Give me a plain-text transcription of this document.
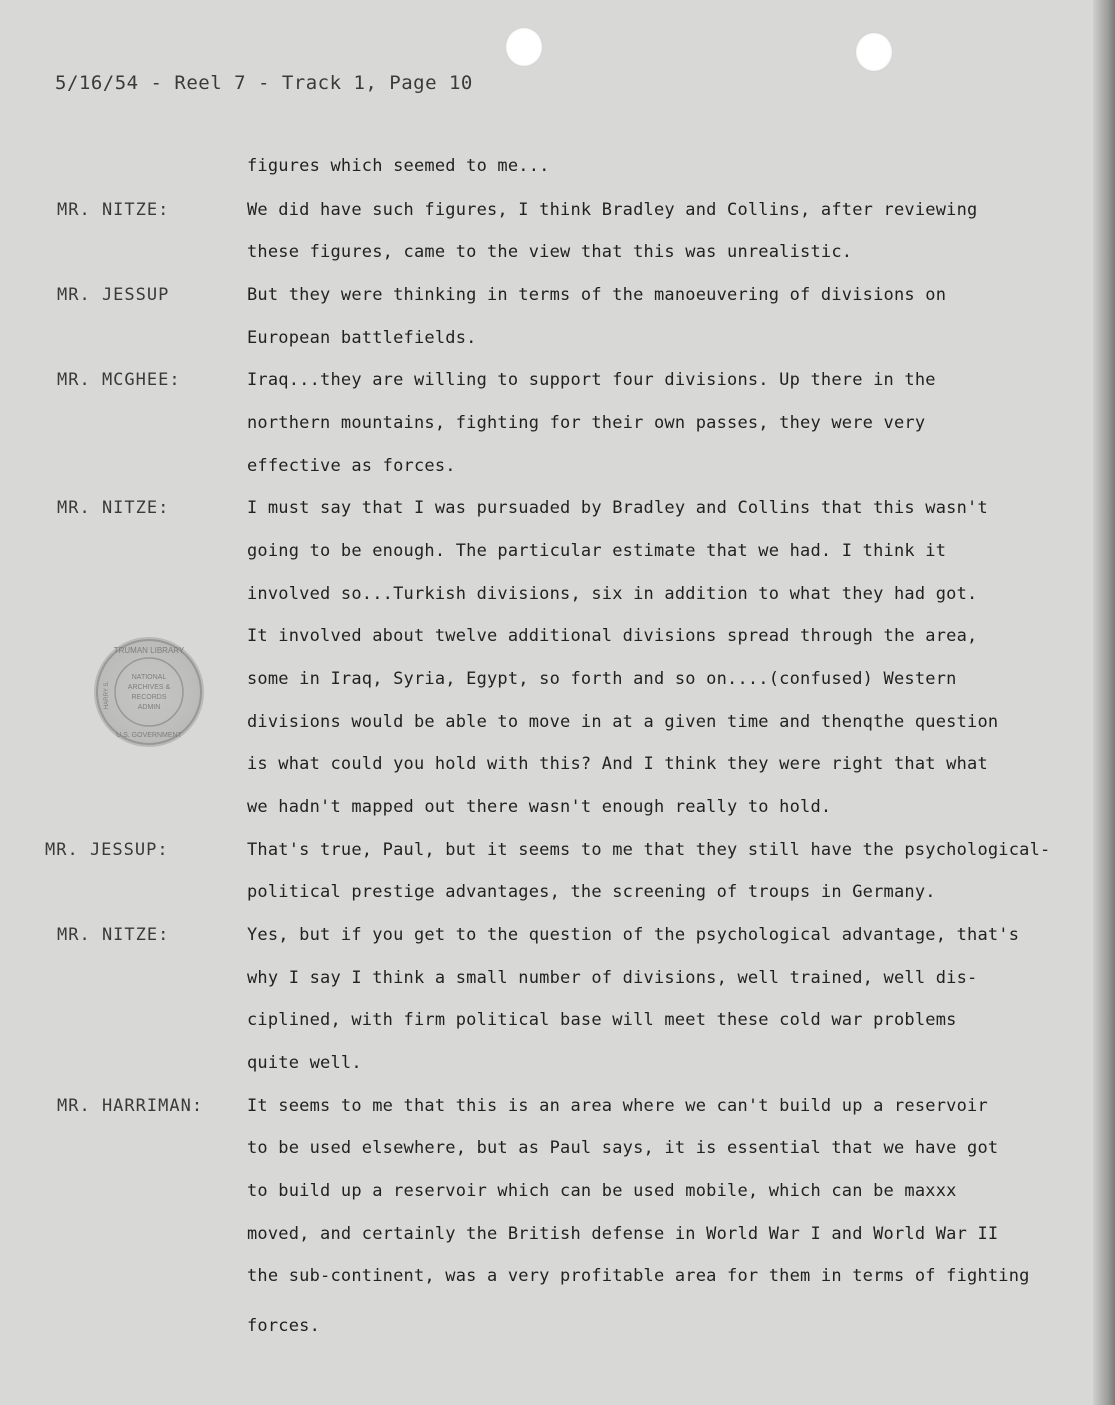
5/16/54 - Reel 7 - Track 1, Page 10
figures which seemed to me...
MR. NITZE:	We did have such figures, I think Bradley and Collins, after reviewing
these figures, came to the view that this was unrealistic.
MR. JESSUP	But they were thinking in terms of the manoeuvering of divisions on
European battlefields.
MR. MCGHEE:	Iraq...they are willing to support four divisions. Up there in the
northern mountains, fighting for their own passes, they were very
effective as forces.
MR. NITZE:	I must say that I was pursuaded by Bradley and Collins that this wasn't
going to be enough. The particular estimate that we had. I think it
involved so...Turkish divisions, six in addition to what they had got.
It involved about twelve additional divisions spread through the area,
some in Iraq, Syria, Egypt, so forth and so on....(confused) Western
divisions would be able to move in at a given time and thenqthe question
is what could you hold with this? And I think they were right that what
we hadn't mapped out there wasn't enough really to hold.
MR. JESSUP:	That's true, Paul, but it seems to me that they still have the psychological-
political prestige advantages, the screening of troups in Germany.
MR. NITZE:	Yes, but if you get to the question of the psychological advantage, that's
why I say I think a small number of divisions, well trained, well dis-
ciplined, with firm political base will meet these cold war problems
quite well.
MR. HARRIMAN:	It seems to me that this is an area where we can't build up a reservoir
to be used elsewhere, but as Paul says, it is essential that we have got
to build up a reservoir which can be used mobile, which can be maxxx
moved, and certainly the British defense in World War I and World War II
the sub-continent, was a very profitable area for them in terms of fighting
forces.
TRUMAN LIBRARY
NATIONAL
ARCHIVES &
RECORDS
ADMIN
U.S. GOVERNMENT
HARRY S.
